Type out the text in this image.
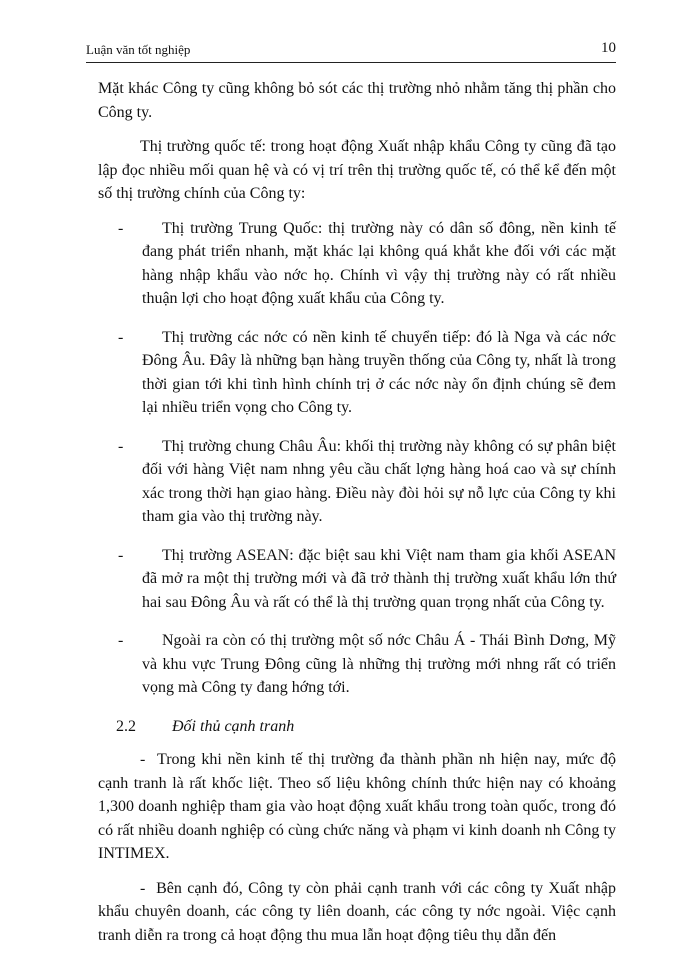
Luận văn tốt nghiệp	10

Mặt khác Công ty cũng không bỏ sót các thị trường nhỏ nhằm tăng thị phần cho Công ty.

Thị trường quốc tế: trong hoạt động Xuất nhập khẩu Công ty cũng đã tạo lập đọc nhiều mối quan hệ và có vị trí trên thị trường quốc tế, có thể kể đến một số thị trường chính của Công ty:

-	Thị trường Trung Quốc: thị trường này có dân số đông, nền kinh tế đang phát triển nhanh, mặt khác lại không quá khắt khe đối với các mặt hàng nhập khẩu vào nớc họ. Chính vì vậy thị trường này có rất nhiều thuận lợi cho hoạt động xuất khẩu của Công ty.
-	Thị trường các nớc có nền kinh tế chuyển tiếp: đó là Nga và các nớc Đông Âu. Đây là những bạn hàng truyền thống của Công ty, nhất là trong thời gian tới khi tình hình chính trị ở các nớc này ổn định chúng sẽ đem lại nhiều triển vọng cho Công ty.
-	Thị trường chung Châu Âu: khối thị trường này không có sự phân biệt đối với hàng Việt nam nhng yêu cầu chất lợng hàng hoá cao và sự chính xác trong thời hạn giao hàng. Điều này đòi hỏi sự nỗ lực của Công ty khi tham gia vào thị trường này.
-	Thị trường ASEAN: đặc biệt sau khi Việt nam tham gia khối ASEAN đã mở ra một thị trường mới và đã trở thành thị trường xuất khẩu lớn thứ hai sau Đông Âu và rất có thể là thị trường quan trọng nhất của Công ty.
-	Ngoài ra còn có thị trường một số nớc Châu Á - Thái Bình Dơng, Mỹ và khu vực Trung Đông cũng là những thị trường mới nhng rất có triển vọng mà Công ty đang hớng tới.
2.2 Đối thủ cạnh tranh

- Trong khi nền kinh tế thị trường đa thành phần nh hiện nay, mức độ cạnh tranh là rất khốc liệt. Theo số liệu không chính thức hiện nay có khoảng 1,300 doanh nghiệp tham gia vào hoạt động xuất khẩu trong toàn quốc, trong đó có rất nhiều doanh nghiệp có cùng chức năng và phạm vi kinh doanh nh Công ty INTIMEX.

- Bên cạnh đó, Công ty còn phải cạnh tranh với các công ty Xuất nhập khẩu chuyên doanh, các công ty liên doanh, các công ty nớc ngoài. Việc cạnh tranh diễn ra trong cả hoạt động thu mua lẫn hoạt động tiêu thụ dẫn đến
